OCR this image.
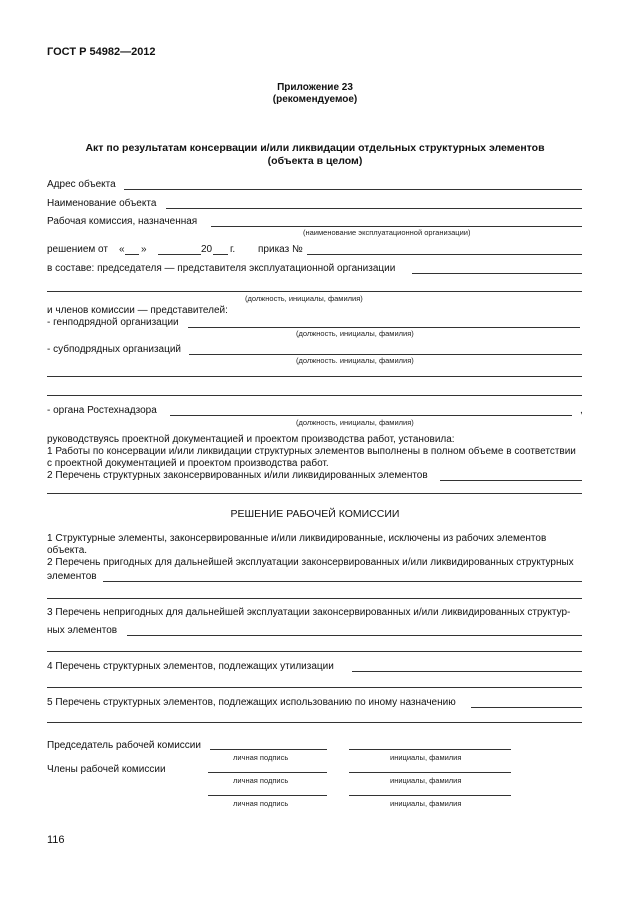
ГОСТ Р 54982—2012
Приложение 23
(рекомендуемое)
Акт по результатам консервации и/или ликвидации отдельных структурных элементов
(объекта в целом)
Адрес объекта
Наименование объекта
Рабочая комиссия, назначенная
(наименование эксплуатационной организации)
решением от « »	20 г. приказ №
в составе: председателя — представителя эксплуатационной организации
(должность, инициалы, фамилия)
и членов комиссии — представителей:
- генподрядной организации
(должность, инициалы, фамилия)
- субподрядных организаций
(должность. инициалы, фамилия)
- органа Ростехнадзора	,
(должность, инициалы, фамилия)
руководствуясь проектной документацией и проектом производства работ, установила:
1 Работы по консервации и/или ликвидации структурных элементов выполнены в полном объеме в соответствии
с проектной документацией и проектом производства работ.
2 Перечень структурных законсервированных и/или ликвидированных элементов
РЕШЕНИЕ РАБОЧЕЙ КОМИССИИ
1 Структурные элементы, законсервированные и/или ликвидированные, исключены из рабочих элементов
объекта.
2 Перечень пригодных для дальнейшей эксплуатации законсервированных и/или ликвидированных структурных
элементов
3 Перечень непригодных для дальнейшей эксплуатации законсервированных и/или ликвидированных структур-
ных элементов
4 Перечень структурных элементов, подлежащих утилизации
5 Перечень структурных элементов, подлежащих использованию по иному назначению
Председатель рабочей комиссии
личная подпись	инициалы, фамилия
Члены рабочей комиссии
личная подпись	инициалы, фамилия
личная подпись	инициалы, фамилия
116
